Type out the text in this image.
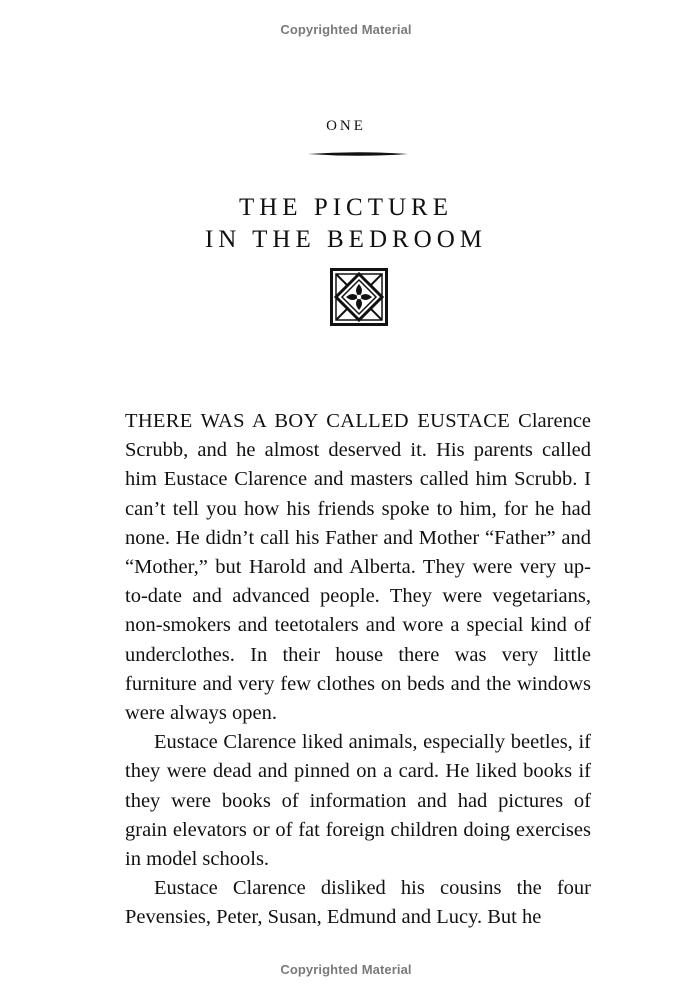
Copyrighted Material
ONE
THE PICTURE
IN THE BEDROOM

THERE WAS A BOY CALLED EUSTACE Clarence Scrubb, and he almost deserved it. His parents called him Eustace Clarence and masters called him Scrubb. I can’t tell you how his friends spoke to him, for he had none. He didn’t call his Father and Mother “Father” and “Mother,” but Harold and Alberta. They were very up-to-date and advanced people. They were vegetarians, non-smokers and teetotalers and wore a special kind of underclothes. In their house there was very little furniture and very few clothes on beds and the windows were always open.

Eustace Clarence liked animals, especially beetles, if they were dead and pinned on a card. He liked books if they were books of information and had pictures of grain elevators or of fat foreign children doing exercises in model schools.

Eustace Clarence disliked his cousins the four Pevensies, Peter, Susan, Edmund and Lucy. But he

Copyrighted Material
